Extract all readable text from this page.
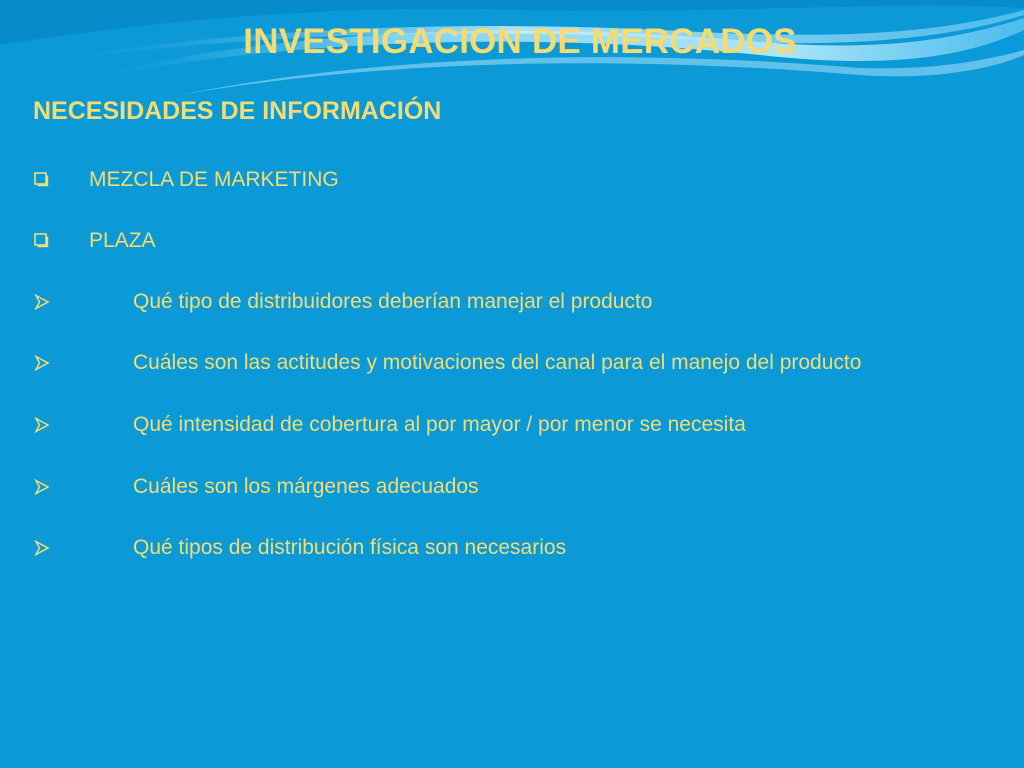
INVESTIGACION DE MERCADOS
NECESIDADES DE INFORMACIÓN
MEZCLA DE MARKETING
PLAZA
Qué tipo de distribuidores deberían manejar el producto
Cuáles son las actitudes y motivaciones del canal para el manejo del producto
Qué intensidad de cobertura al por mayor / por menor se necesita
Cuáles son los márgenes adecuados
Qué tipos de distribución física son necesarios
